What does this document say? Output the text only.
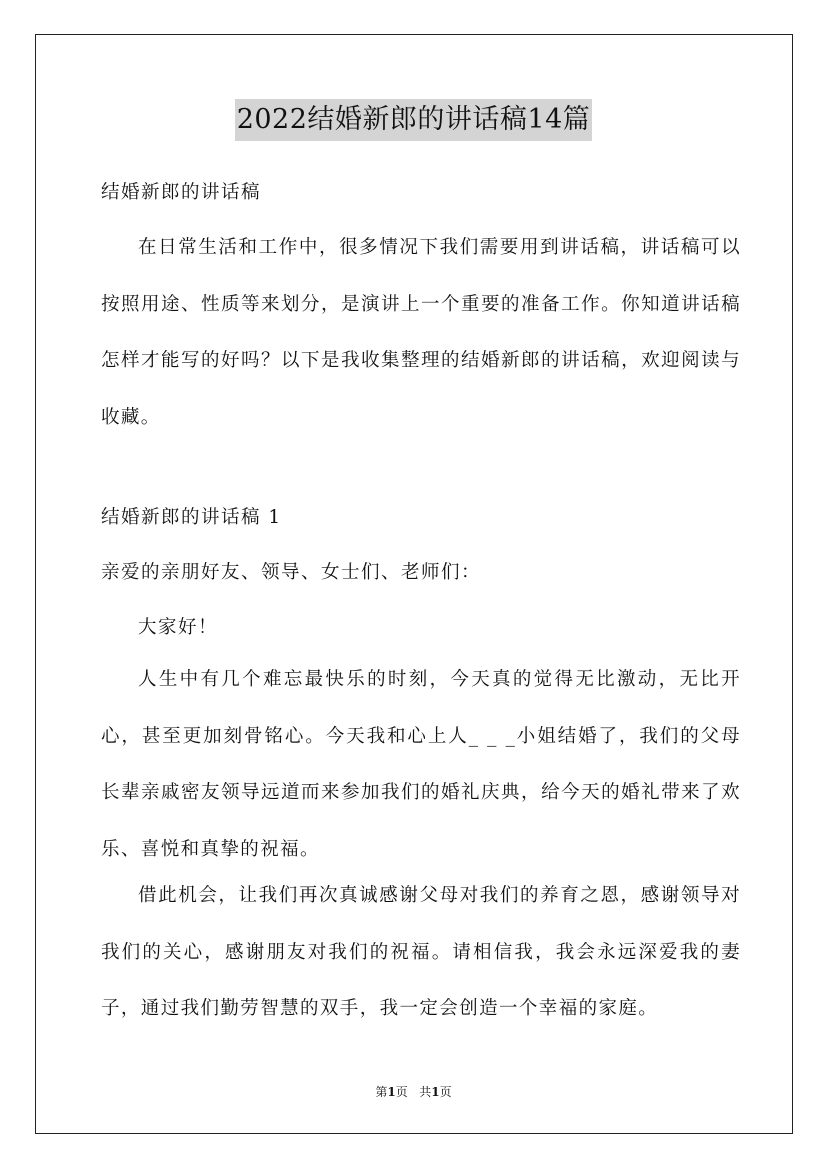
2022结婚新郎的讲话稿14篇

结婚新郎的讲话稿

在日常生活和工作中，很多情况下我们需要用到讲话稿，讲话稿可以按照用途、性质等来划分，是演讲上一个重要的准备工作。你知道讲话稿怎样才能写的好吗？以下是我收集整理的结婚新郎的讲话稿，欢迎阅读与收藏。

结婚新郎的讲话稿 1

亲爱的亲朋好友、领导、女士们、老师们：

大家好！

人生中有几个难忘最快乐的时刻，今天真的觉得无比激动，无比开心，甚至更加刻骨铭心。今天我和心上人_ _ _小姐结婚了，我们的父母长辈亲戚密友领导远道而来参加我们的婚礼庆典，给今天的婚礼带来了欢乐、喜悦和真挚的祝福。

借此机会，让我们再次真诚感谢父母对我们的养育之恩，感谢领导对我们的关心，感谢朋友对我们的祝福。请相信我，我会永远深爱我的妻子，通过我们勤劳智慧的双手，我一定会创造一个幸福的家庭。

第1页 共1页
